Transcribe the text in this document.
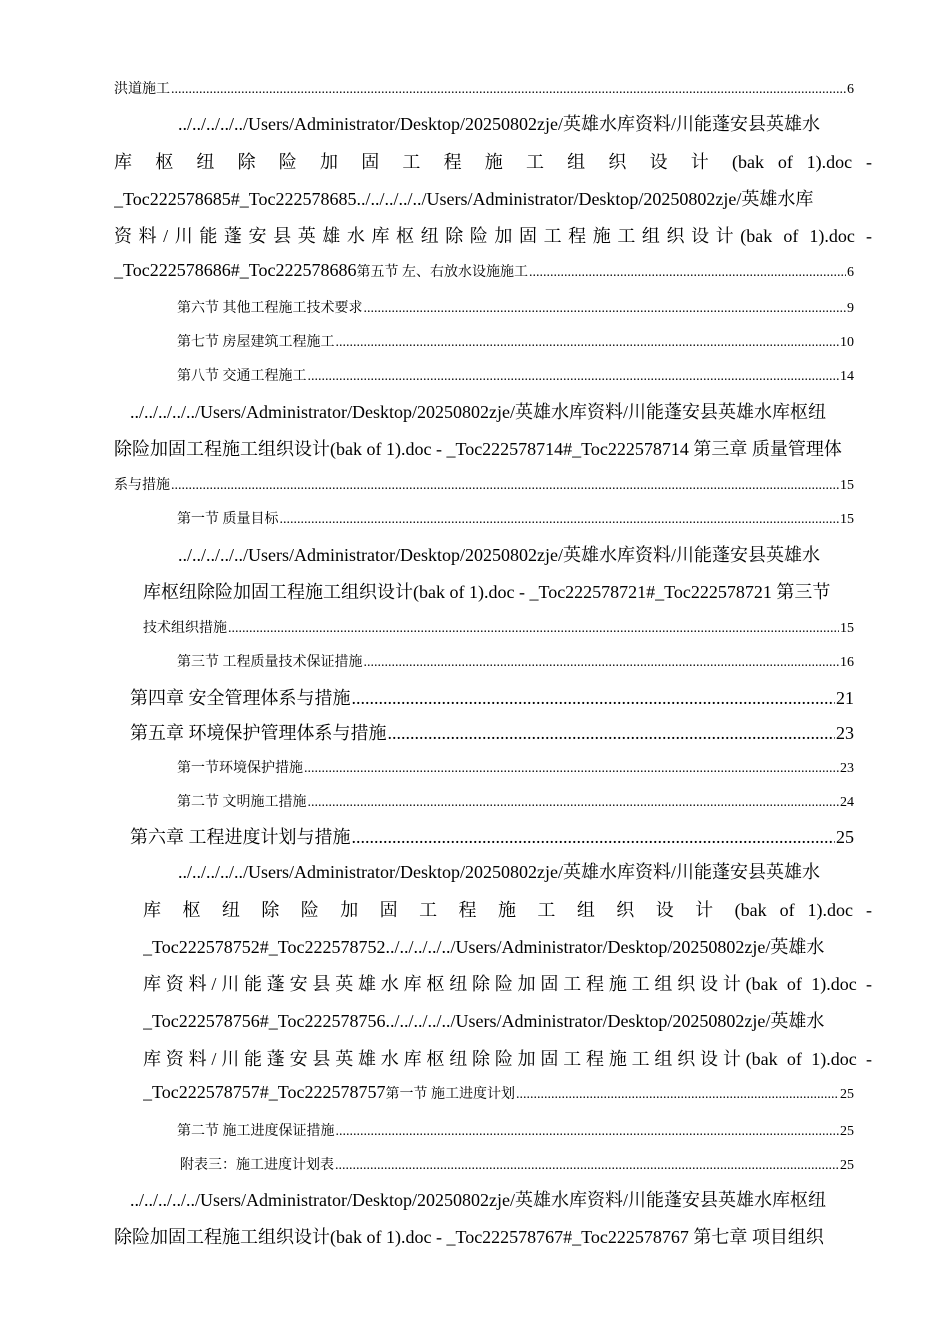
洪道施工 .....	6
../../../../../Users/Administrator/Desktop/20250802zje/英雄水库资料/川能蓬安县英雄水
库 枢 纽 除 险 加 固 工 程 施 工 组 织 设 计 (bak of 1).doc -
_Toc222578685#_Toc222578685../../../../../Users/Administrator/Desktop/20250802zje/英雄水库
资料/川能蓬安县英雄水库枢纽除险加固工程施工组织设计(bak of 1).doc -
_Toc222578686#_Toc222578686 第五节 左、右放水设施施工 .....	6
第六节 其他工程施工技术要求 .....	9
第七节 房屋建筑工程施工 .....	10
第八节 交通工程施工 .....	14
../../../../../Users/Administrator/Desktop/20250802zje/英雄水库资料/川能蓬安县英雄水库枢纽
除险加固工程施工组织设计(bak of 1).doc - _Toc222578714#_Toc222578714 第三章 质量管理体
系与措施 .....	15
第一节 质量目标 .....	15
../../../../../Users/Administrator/Desktop/20250802zje/英雄水库资料/川能蓬安县英雄水
库枢纽除险加固工程施工组织设计(bak of 1).doc - _Toc222578721#_Toc222578721 第三节
技术组织措施 .....	15
第三节 工程质量技术保证措施 .....	16
第四章 安全管理体系与措施 .....	21
第五章 环境保护管理体系与措施 .....	23
第一节环境保护措施 .....	23
第二节 文明施工措施 .....	24
第六章 工程进度计划与措施 .....	25
../../../../../Users/Administrator/Desktop/20250802zje/英雄水库资料/川能蓬安县英雄水
库 枢 纽 除 险 加 固 工 程 施 工 组 织 设 计 (bak of 1).doc -
_Toc222578752#_Toc222578752../../../../../Users/Administrator/Desktop/20250802zje/英雄水
库资料/川能蓬安县英雄水库枢纽除险加固工程施工组织设计(bak of 1).doc -
_Toc222578756#_Toc222578756../../../../../Users/Administrator/Desktop/20250802zje/英雄水
库资料/川能蓬安县英雄水库枢纽除险加固工程施工组织设计(bak of 1).doc -
_Toc222578757#_Toc222578757 第一节 施工进度计划 .....	25
第二节 施工进度保证措施 .....	25
附表三：施工进度计划表 .....	25
../../../../../Users/Administrator/Desktop/20250802zje/英雄水库资料/川能蓬安县英雄水库枢纽
除险加固工程施工组织设计(bak of 1).doc - _Toc222578767#_Toc222578767 第七章 项目组织
